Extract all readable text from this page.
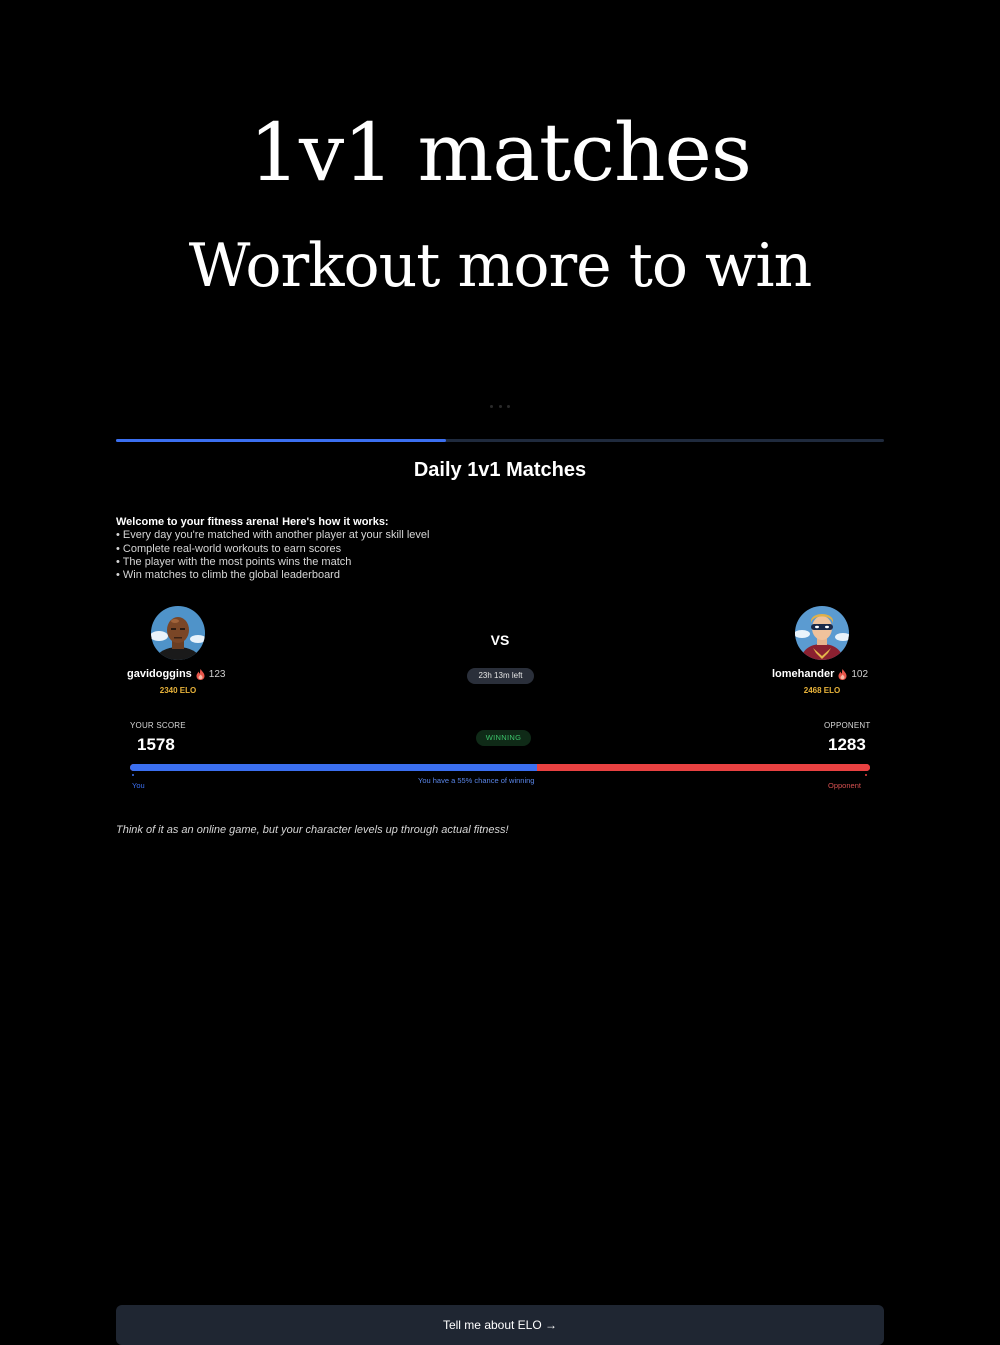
1v1 matches
Workout more to win
Daily 1v1 Matches
Welcome to your fitness arena! Here's how it works:
• Every day you're matched with another player at your skill level
• Complete real-world workouts to earn scores
• The player with the most points wins the match
• Win matches to climb the global leaderboard
gavidoggins 123
2340 ELO
lomehander 102
2468 ELO
VS
23h 13m left
YOUR SCORE
1578	WINNING
OPPONENT
1283
You
You have a 55% chance of winning
Opponent
Think of it as an online game, but your character levels up through actual fitness!
Tell me about ELO →
